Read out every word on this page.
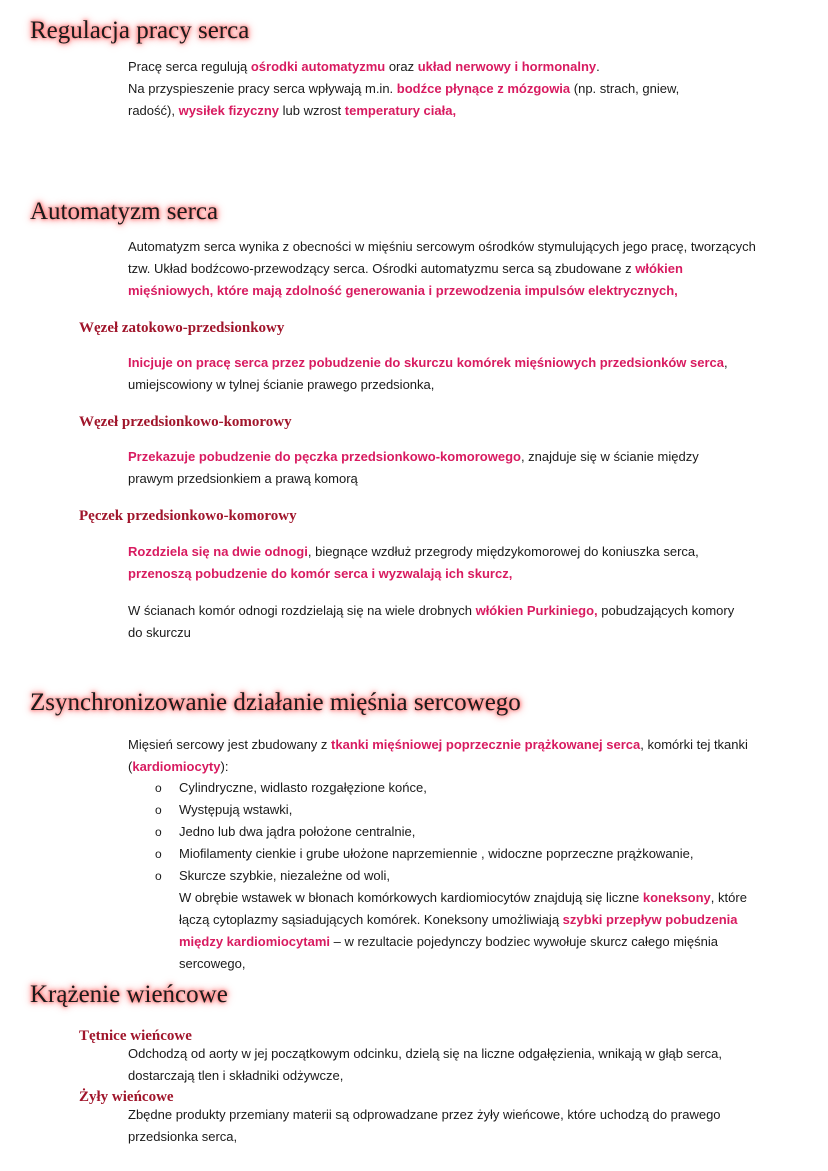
Regulacja pracy serca

Pracę serca regulują ośrodki automatyzmu oraz układ nerwowy i hormonalny.

Na przyspieszenie pracy serca wpływają m.in. bodźce płynące z mózgowia (np. strach, gniew, radość), wysiłek fizyczny lub wzrost temperatury ciała,

Automatyzm serca

Automatyzm serca wynika z obecności w mięśniu sercowym ośrodków stymulujących jego pracę, tworzących tzw. Układ bodźcowo-przewodzący serca. Ośrodki automatyzmu serca są zbudowane z włókien mięśniowych, które mają zdolność generowania i przewodzenia impulsów elektrycznych,

Węzeł zatokowo-przedsionkowy

Inicjuje on pracę serca przez pobudzenie do skurczu komórek mięśniowych przedsionków serca, umiejscowiony w tylnej ścianie prawego przedsionka,

Węzeł przedsionkowo-komorowy

Przekazuje pobudzenie do pęczka przedsionkowo-komorowego, znajduje się w ścianie między prawym przedsionkiem a prawą komorą

Pęczek przedsionkowo-komorowy

Rozdziela się na dwie odnogi, biegnące wzdłuż przegrody międzykomorowej do koniuszka serca, przenoszą pobudzenie do komór serca i wyzwalają ich skurcz,

W ścianach komór odnogi rozdzielają się na wiele drobnych włókien Purkiniego, pobudzających komory do skurczu

Zsynchronizowanie działanie mięśnia sercowego

Mięsień sercowy jest zbudowany z tkanki mięśniowej poprzecznie prążkowanej serca, komórki tej tkanki (kardiomiocyty):

o Cylindryczne, widlasto rozgałęzione końce,
o Występują wstawki,
o Jedno lub dwa jądra położone centralnie,
o Miofilamenty cienkie i grube ułożone naprzemiennie , widoczne poprzeczne prążkowanie,
o Skurcze szybkie, niezależne od woli,
W obrębie wstawek w błonach komórkowych kardiomiocytów znajdują się liczne koneksony, które łączą cytoplazmy sąsiadujących komórek. Koneksony umożliwiają szybki przepływ pobudzenia między kardiomiocytami – w rezultacie pojedynczy bodziec wywołuje skurcz całego mięśnia sercowego,
Krążenie wieńcowe
Tętnice wieńcowe

Odchodzą od aorty w jej początkowym odcinku, dzielą się na liczne odgałęzienia, wnikają w głąb serca, dostarczają tlen i składniki odżywcze,

Żyły wieńcowe

Zbędne produkty przemiany materii są odprowadzane przez żyły wieńcowe, które uchodzą do prawego przedsionka serca,
